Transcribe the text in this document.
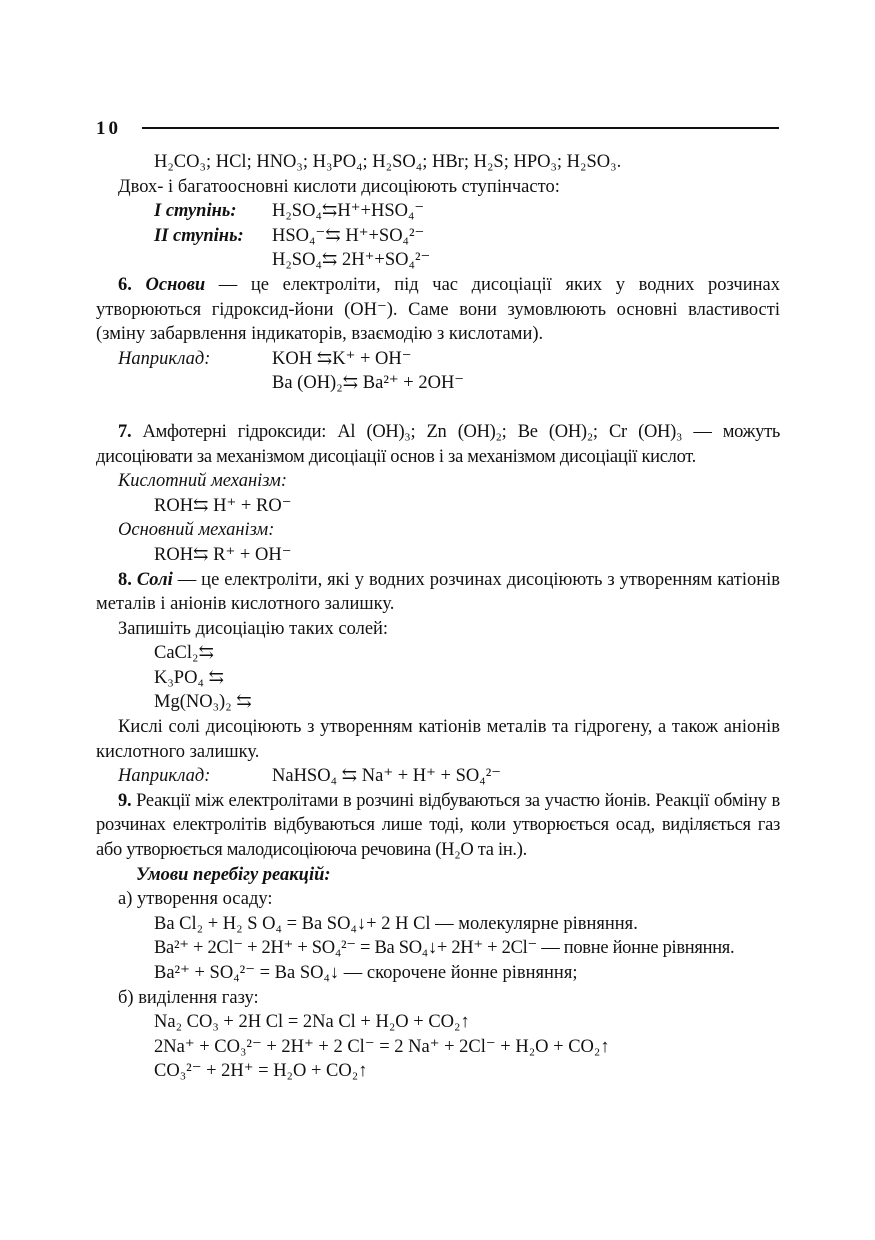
10
H₂CO₃; HCl; HNO₃; H₃PO₄; H₂SO₄; HBr; H₂S; HPO₃; H₂SO₃.
Двох- і багатоосновні кислоти дисоціюють ступінчасто:
I ступінь: H₂SO₄⇆H⁺+HSO₄⁻
II ступінь: HSO₄⁻⇆ H⁺+SO₄²⁻
H₂SO₄⇆ 2H⁺+SO₄²⁻

6. Основи — це електроліти, під час дисоціації яких у водних розчинах утворюються гідроксид-йони (OH⁻). Саме вони зумовлюють основні властивості (зміну забарвлення індикаторів, взаємодію з кислотами).

Наприклад:	KOH ⇆K⁺ + OH⁻
Ba (OH)₂⇆ Ba²⁺ + 2OH⁻

7. Амфотерні гідроксиди: Al (OH)₃; Zn (OH)₂; Be (OH)₂; Cr (OH)₃ — можуть дисоціювати за механізмом дисоціації основ і за механізмом дисоціації кислот.

Кислотний механізм:
ROH⇆ H⁺ + RO⁻
Основний механізм:
ROH⇆ R⁺ + OH⁻

8. Солі — це електроліти, які у водних розчинах дисоціюють з утворенням катіонів металів і аніонів кислотного залишку.

Запишіть дисоціацію таких солей:
CaCl₂⇆
K₃PO₄ ⇆
Mg(NO₃)₂ ⇆

Кислі солі дисоціюють з утворенням катіонів металів та гідрогену, а також аніонів кислотного залишку.

Наприклад:	NaHSO₄ ⇆ Na⁺ + H⁺ + SO₄²⁻

9. Реакції між електролітами в розчині відбуваються за участю йонів. Реакції обміну в розчинах електролітів відбуваються лише тоді, коли утворюється осад, виділяється газ або утворюється малодисоціююча речовина (H₂O та ін.).

Умови перебігу реакцій:
а) утворення осаду:
Ba Cl₂ + H₂ S O₄ = Ba SO₄↓+ 2 H Cl — молекулярне рівняння.
Ba²⁺ + 2Cl⁻ + 2H⁺ + SO₄²⁻ = Ba SO₄↓+ 2H⁺ + 2Cl⁻ — повне йонне рівняння.
Ba²⁺ + SO₄²⁻ = Ba SO₄↓ — скорочене йонне рівняння;
б) виділення газу:
Na₂ CO₃ + 2H Cl = 2Na Cl + H₂O + CO₂↑
2Na⁺ + CO₃²⁻ + 2H⁺ + 2 Cl⁻ = 2 Na⁺ + 2Cl⁻ + H₂O + CO₂↑
CO₃²⁻ + 2H⁺ = H₂O + CO₂↑
